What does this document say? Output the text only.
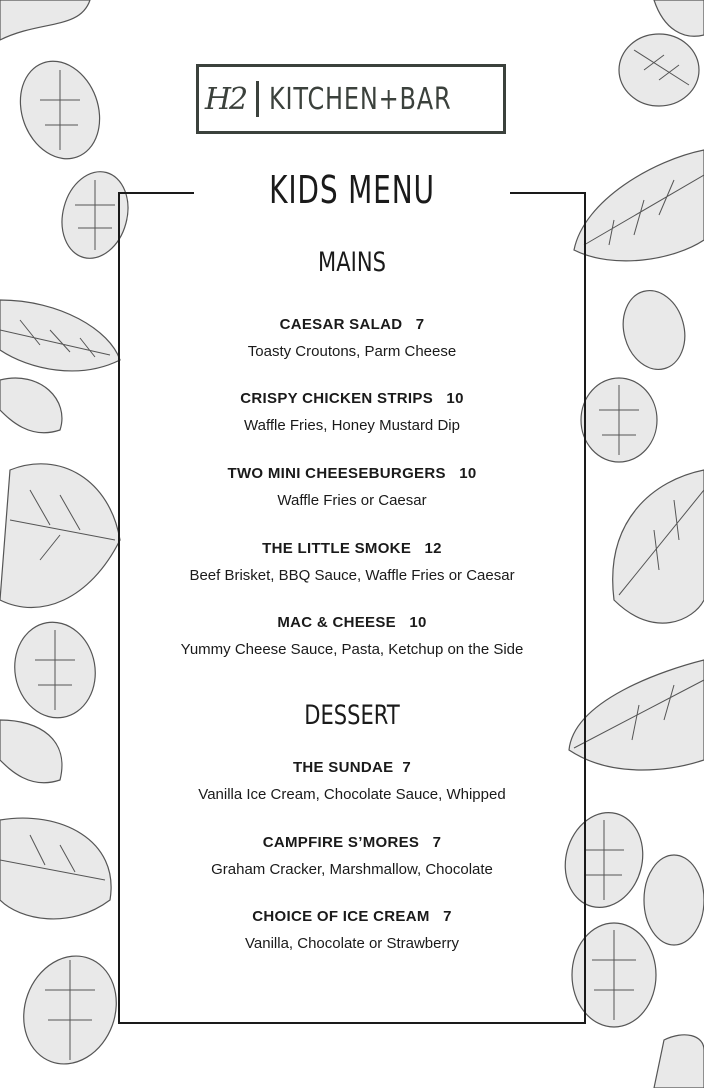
H2 KITCHEN+BAR
KIDS MENU
MAINS
CAESAR SALAD 7
Toasty Croutons, Parm Cheese
CRISPY CHICKEN STRIPS 10
Waffle Fries, Honey Mustard Dip
TWO MINI CHEESEBURGERS 10
Waffle Fries or Caesar
THE LITTLE SMOKE 12
Beef Brisket, BBQ Sauce, Waffle Fries or Caesar
MAC & CHEESE 10
Yummy Cheese Sauce, Pasta, Ketchup on the Side
DESSERT
THE SUNDAE 7
Vanilla Ice Cream, Chocolate Sauce, Whipped
CAMPFIRE S’MORES 7
Graham Cracker, Marshmallow, Chocolate
CHOICE OF ICE CREAM 7
Vanilla, Chocolate or Strawberry
